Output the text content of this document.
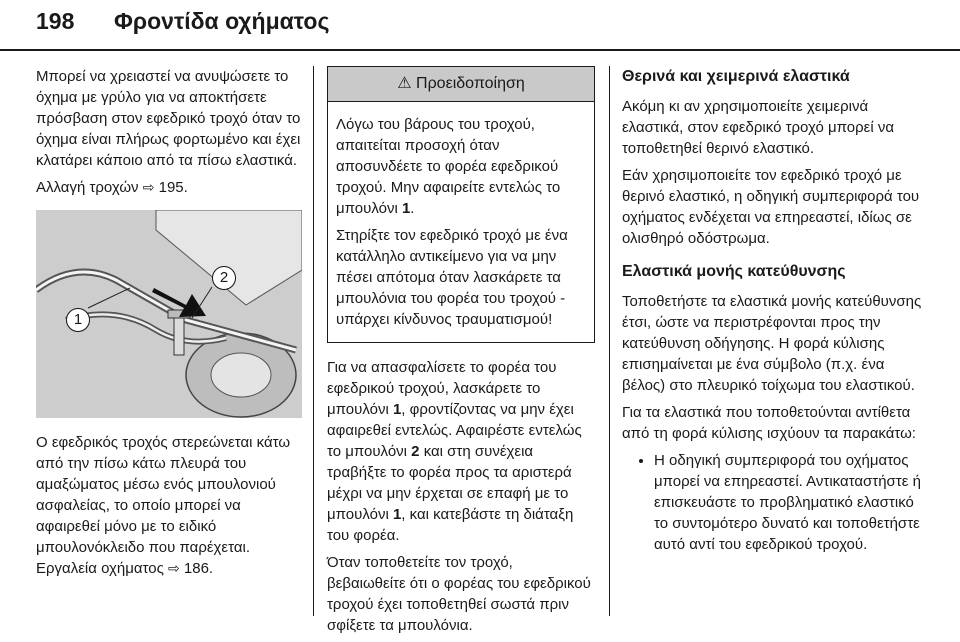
198 Φροντίδα οχήματος

Μπορεί να χρειαστεί να ανυψώσετε το όχημα με γρύλο για να αποκτήσετε πρόσβαση στον εφεδρικό τροχό όταν το όχημα είναι πλήρως φορτωμένο και έχει κλατάρει κάποιο από τα πίσω ελαστικά.

Αλλαγή τροχών ⇨ 195.

1
2

Ο εφεδρικός τροχός στερεώνεται κάτω από την πίσω κάτω πλευρά του αμαξώματος μέσω ενός μπουλονιού ασφαλείας, το οποίο μπορεί να αφαιρεθεί μόνο με το ειδικό μπουλονόκλειδο που παρέχεται. Εργαλεία οχήματος ⇨ 186.

⚠ Προειδοποίηση

Λόγω του βάρους του τροχού, απαιτείται προσοχή όταν αποσυνδέετε το φορέα εφεδρικού τροχού. Μην αφαιρείτε εντελώς το μπουλόνι 1.

Στηρίξτε τον εφεδρικό τροχό με ένα κατάλληλο αντικείμενο για να μην πέσει απότομα όταν λασκάρετε τα μπουλόνια του φορέα του τροχού - υπάρχει κίνδυνος τραυματισμού!

Για να απασφαλίσετε το φορέα του εφεδρικού τροχού, λασκάρετε το μπουλόνι 1, φροντίζοντας να μην έχει αφαιρεθεί εντελώς. Αφαιρέστε εντελώς το μπουλόνι 2 και στη συνέχεια τραβήξτε το φορέα προς τα αριστερά μέχρι να μην έρχεται σε επαφή με το μπουλόνι 1, και κατεβάστε τη διάταξη του φορέα.

Όταν τοποθετείτε τον τροχό, βεβαιωθείτε ότι ο φορέας του εφεδρικού τροχού έχει τοποθετηθεί σωστά πριν σφίξετε τα μπουλόνια.

Θερινά και χειμερινά ελαστικά

Ακόμη κι αν χρησιμοποιείτε χειμερινά ελαστικά, στον εφεδρικό τροχό μπορεί να τοποθετηθεί θερινό ελαστικό.

Εάν χρησιμοποιείτε τον εφεδρικό τροχό με θερινό ελαστικό, η οδηγική συμπεριφορά του οχήματος ενδέχεται να επηρεαστεί, ιδίως σε ολισθηρό οδόστρωμα.

Ελαστικά μονής κατεύθυνσης

Τοποθετήστε τα ελαστικά μονής κατεύθυνσης έτσι, ώστε να περιστρέφονται προς την κατεύθυνση οδήγησης. Η φορά κύλισης επισημαίνεται με ένα σύμβολο (π.χ. ένα βέλος) στο πλευρικό τοίχωμα του ελαστικού.

Για τα ελαστικά που τοποθετούνται αντίθετα από τη φορά κύλισης ισχύουν τα παρακάτω:

• Η οδηγική συμπεριφορά του οχήματος μπορεί να επηρεαστεί. Αντικαταστήστε ή επισκευάστε το προβληματικό ελαστικό το συντομότερο δυνατό και τοποθετήστε αυτό αντί του εφεδρικού τροχού.
